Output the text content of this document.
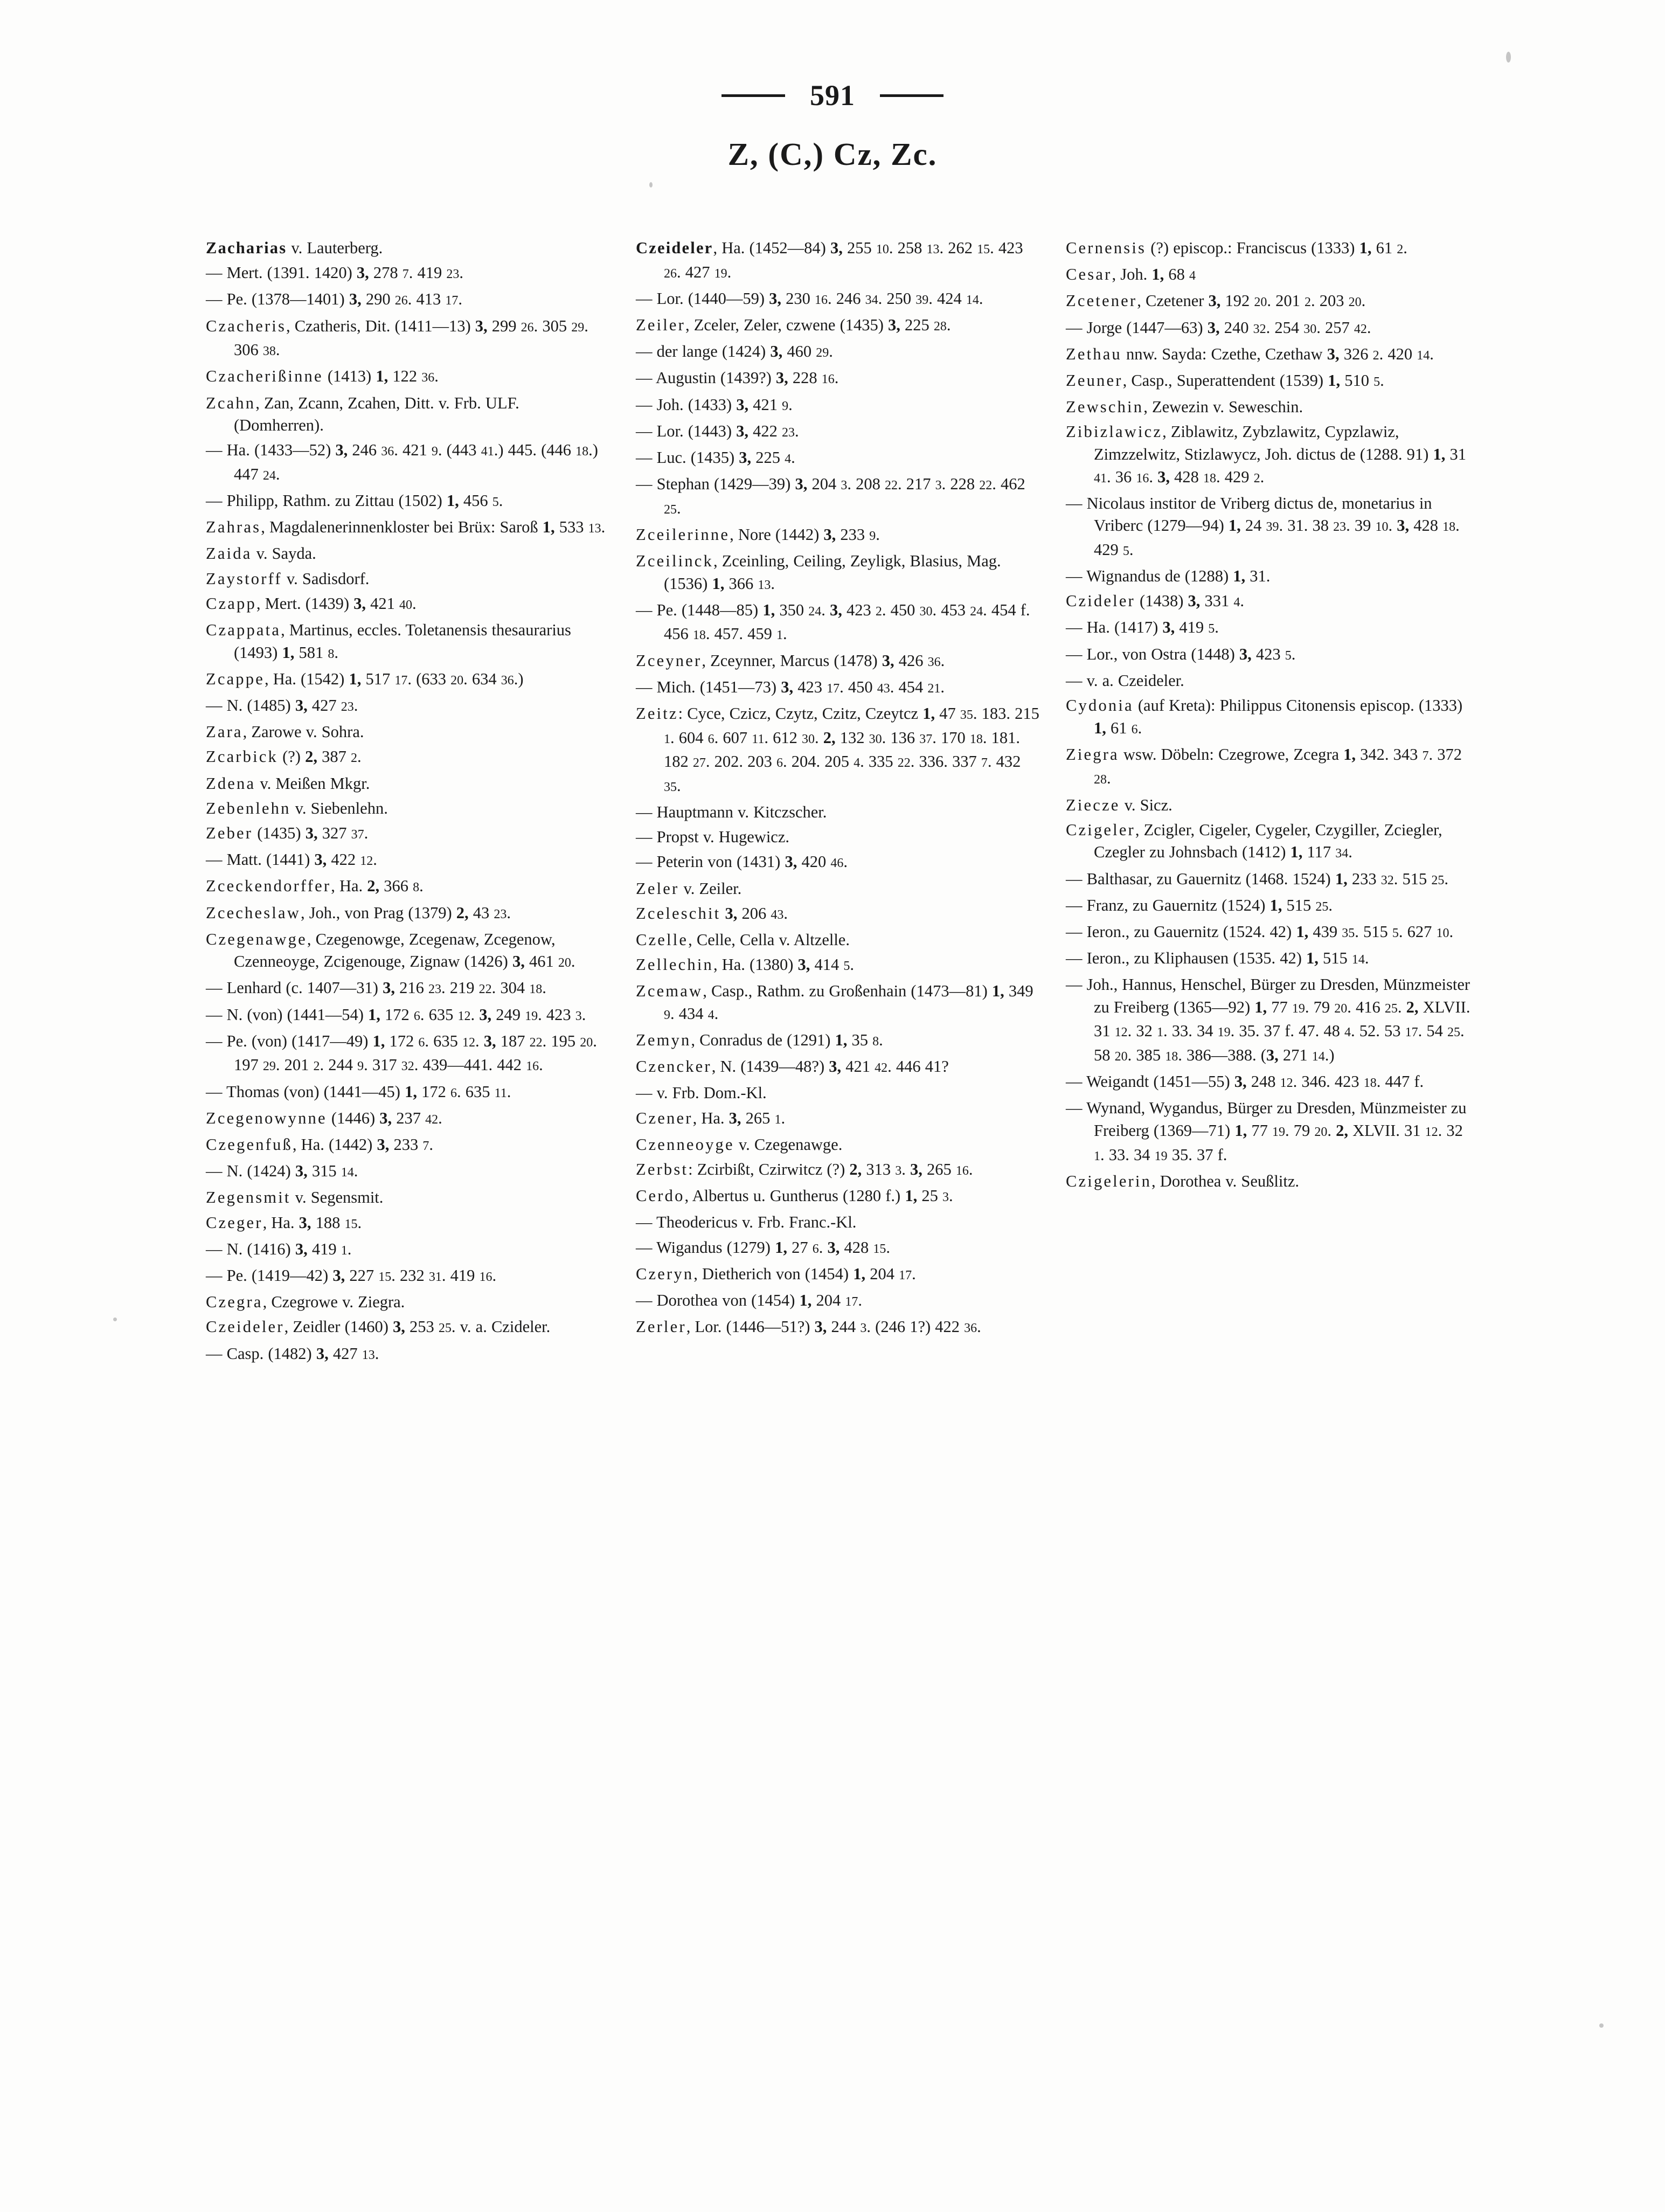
591
Z, (C,) Cz, Zc.

Zacharias v. Lauterberg.

— Mert. (1391. 1420) 3, 278 7. 419 23.

— Pe. (1378—1401) 3, 290 26. 413 17.

Czacheris, Czatheris, Dit. (1411—13) 3, 299 26. 305 29. 306 38.

Czacherißinne (1413) 1, 122 36.

Zcahn, Zan, Zcann, Zcahen, Ditt. v. Frb. ULF. (Domherren).

— Ha. (1433—52) 3, 246 36. 421 9. (443 41.) 445. (446 18.) 447 24.

— Philipp, Rathm. zu Zittau (1502) 1, 456 5.

Zahras, Magdalenerinnenkloster bei Brüx: Saroß 1, 533 13.

Zaida v. Sayda.

Zaystorff v. Sadisdorf.

Czapp, Mert. (1439) 3, 421 40.

Czappata, Martinus, eccles. Toletanensis thesaurarius (1493) 1, 581 8.

Zcappe, Ha. (1542) 1, 517 17. (633 20. 634 36.)

— N. (1485) 3, 427 23.

Zara, Zarowe v. Sohra.

Zcarbick (?) 2, 387 2.

Zdena v. Meißen Mkgr.

Zebenlehn v. Siebenlehn.

Zeber (1435) 3, 327 37.

— Matt. (1441) 3, 422 12.

Zceckendorffer, Ha. 2, 366 8.

Zcecheslaw, Joh., von Prag (1379) 2, 43 23.

Czegenawge, Czegenowge, Zcegenaw, Zcegenow, Czenneoyge, Zcigenouge, Zignaw (1426) 3, 461 20.

— Lenhard (c. 1407—31) 3, 216 23. 219 22. 304 18.

— N. (von) (1441—54) 1, 172 6. 635 12. 3, 249 19. 423 3.

— Pe. (von) (1417—49) 1, 172 6. 635 12. 3, 187 22. 195 20. 197 29. 201 2. 244 9. 317 32. 439—441. 442 16.

— Thomas (von) (1441—45) 1, 172 6. 635 11.

Zcegenowynne (1446) 3, 237 42.

Czegenfuß, Ha. (1442) 3, 233 7.

— N. (1424) 3, 315 14.

Zegensmit v. Segensmit.

Czeger, Ha. 3, 188 15.

— N. (1416) 3, 419 1.

— Pe. (1419—42) 3, 227 15. 232 31. 419 16.

Czegra, Czegrowe v. Ziegra.

Czeideler, Zeidler (1460) 3, 253 25. v. a. Czideler.

— Casp. (1482) 3, 427 13.

Czeideler, Ha. (1452—84) 3, 255 10. 258 13. 262 15. 423 26. 427 19.

— Lor. (1440—59) 3, 230 16. 246 34. 250 39. 424 14.

Zeiler, Zceler, Zeler, czwene (1435) 3, 225 28.

— der lange (1424) 3, 460 29.

— Augustin (1439?) 3, 228 16.

— Joh. (1433) 3, 421 9.

— Lor. (1443) 3, 422 23.

— Luc. (1435) 3, 225 4.

— Stephan (1429—39) 3, 204 3. 208 22. 217 3. 228 22. 462 25.

Zceilerinne, Nore (1442) 3, 233 9.

Zceilinck, Zceinling, Ceiling, Zeyligk, Blasius, Mag. (1536) 1, 366 13.

— Pe. (1448—85) 1, 350 24. 3, 423 2. 450 30. 453 24. 454 f. 456 18. 457. 459 1.

Zceyner, Zceynner, Marcus (1478) 3, 426 36.

— Mich. (1451—73) 3, 423 17. 450 43. 454 21.

Zeitz: Cyce, Czicz, Czytz, Czitz, Czeytcz 1, 47 35. 183. 215 1. 604 6. 607 11. 612 30. 2, 132 30. 136 37. 170 18. 181. 182 27. 202. 203 6. 204. 205 4. 335 22. 336. 337 7. 432 35.

— Hauptmann v. Kitczscher.

— Propst v. Hugewicz.

— Peterin von (1431) 3, 420 46.

Zeler v. Zeiler.

Zceleschit 3, 206 43.

Czelle, Celle, Cella v. Altzelle.

Zellechin, Ha. (1380) 3, 414 5.

Zcemaw, Casp., Rathm. zu Großenhain (1473—81) 1, 349 9. 434 4.

Zemyn, Conradus de (1291) 1, 35 8.

Czencker, N. (1439—48?) 3, 421 42. 446 41?

— v. Frb. Dom.-Kl.

Czener, Ha. 3, 265 1.

Czenneoyge v. Czegenawge.

Zerbst: Zcirbißt, Czirwitcz (?) 2, 313 3. 3, 265 16.

Cerdo, Albertus u. Guntherus (1280 f.) 1, 25 3.

— Theodericus v. Frb. Franc.-Kl.

— Wigandus (1279) 1, 27 6. 3, 428 15.

Czeryn, Dietherich von (1454) 1, 204 17.

— Dorothea von (1454) 1, 204 17.

Zerler, Lor. (1446—51?) 3, 244 3. (246 1?) 422 36.

Cernensis (?) episcop.: Franciscus (1333) 1, 61 2.

Cesar, Joh. 1, 68 4

Zcetener, Czetener 3, 192 20. 201 2. 203 20.

— Jorge (1447—63) 3, 240 32. 254 30. 257 42.

Zethau nnw. Sayda: Czethe, Czethaw 3, 326 2. 420 14.

Zeuner, Casp., Superattendent (1539) 1, 510 5.

Zewschin, Zewezin v. Seweschin.

Zibizlawicz, Ziblawitz, Zybzlawitz, Cypzlawiz, Zimzzelwitz, Stizlawycz, Joh. dictus de (1288. 91) 1, 31 41. 36 16. 3, 428 18. 429 2.

— Nicolaus institor de Vriberg dictus de, monetarius in Vriberc (1279—94) 1, 24 39. 31. 38 23. 39 10. 3, 428 18. 429 5.

— Wignandus de (1288) 1, 31.

Czideler (1438) 3, 331 4.

— Ha. (1417) 3, 419 5.

— Lor., von Ostra (1448) 3, 423 5.

— v. a. Czeideler.

Cydonia (auf Kreta): Philippus Citonensis episcop. (1333) 1, 61 6.

Ziegra wsw. Döbeln: Czegrowe, Zcegra 1, 342. 343 7. 372 28.

Ziecze v. Sicz.

Czigeler, Zcigler, Cigeler, Cygeler, Czygiller, Zciegler, Czegler zu Johnsbach (1412) 1, 117 34.

— Balthasar, zu Gauernitz (1468. 1524) 1, 233 32. 515 25.

— Franz, zu Gauernitz (1524) 1, 515 25.

— Ieron., zu Gauernitz (1524. 42) 1, 439 35. 515 5. 627 10.

— Ieron., zu Kliphausen (1535. 42) 1, 515 14.

— Joh., Hannus, Henschel, Bürger zu Dresden, Münzmeister zu Freiberg (1365—92) 1, 77 19. 79 20. 416 25. 2, XLVII. 31 12. 32 1. 33. 34 19. 35. 37 f. 47. 48 4. 52. 53 17. 54 25. 58 20. 385 18. 386—388. (3, 271 14.)

— Weigandt (1451—55) 3, 248 12. 346. 423 18. 447 f.

— Wynand, Wygandus, Bürger zu Dresden, Münzmeister zu Freiberg (1369—71) 1, 77 19. 79 20. 2, XLVII. 31 12. 32 1. 33. 34 19 35. 37 f.

Czigelerin, Dorothea v. Seußlitz.
